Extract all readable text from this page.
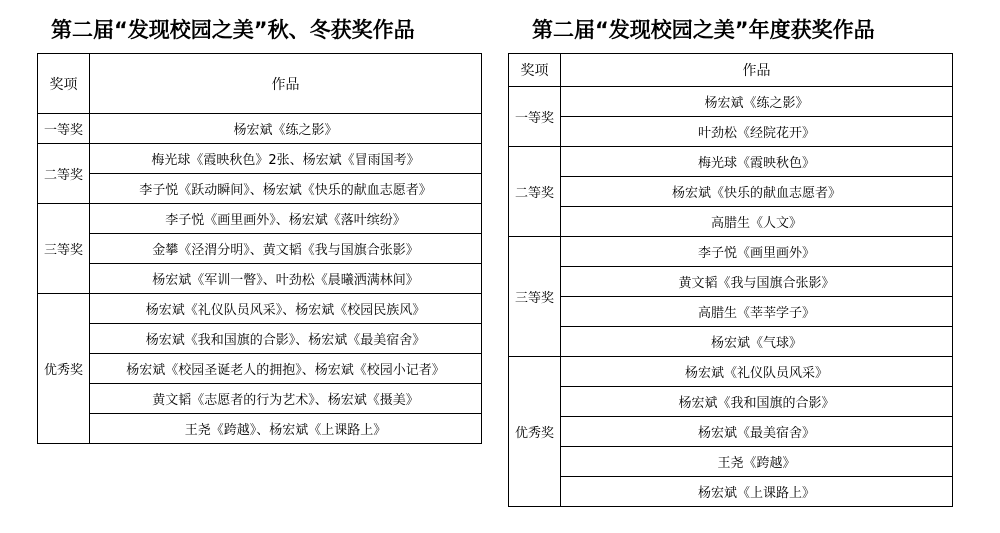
第二届“发现校园之美”秋、冬获奖作品	第二届“发现校园之美”年度获奖作品
奖项	作品
一等奖	杨宏斌《练之影》
二等奖	梅光球《霞映秋色》2张、杨宏斌《冒雨国考》
	李子悦《跃动瞬间》、杨宏斌《快乐的献血志愿者》
三等奖	李子悦《画里画外》、杨宏斌《落叶缤纷》
	金攀《泾渭分明》、黄文韬《我与国旗合张影》
	杨宏斌《军训一瞥》、叶劲松《晨曦洒满林间》
优秀奖	杨宏斌《礼仪队员风采》、杨宏斌《校园民族风》
	杨宏斌《我和国旗的合影》、杨宏斌《最美宿舍》
	杨宏斌《校园圣诞老人的拥抱》、杨宏斌《校园小记者》
	黄文韬《志愿者的行为艺术》、杨宏斌《摄美》
	王尧《跨越》、杨宏斌《上课路上》
奖项	作品
一等奖	杨宏斌《练之影》
	叶劲松《经院花开》
二等奖	梅光球《霞映秋色》
	杨宏斌《快乐的献血志愿者》
	高腊生《人文》
三等奖	李子悦《画里画外》
	黄文韬《我与国旗合张影》
	高腊生《莘莘学子》
	杨宏斌《气球》
优秀奖	杨宏斌《礼仪队员风采》
	杨宏斌《我和国旗的合影》
	杨宏斌《最美宿舍》
	王尧《跨越》
	杨宏斌《上课路上》
